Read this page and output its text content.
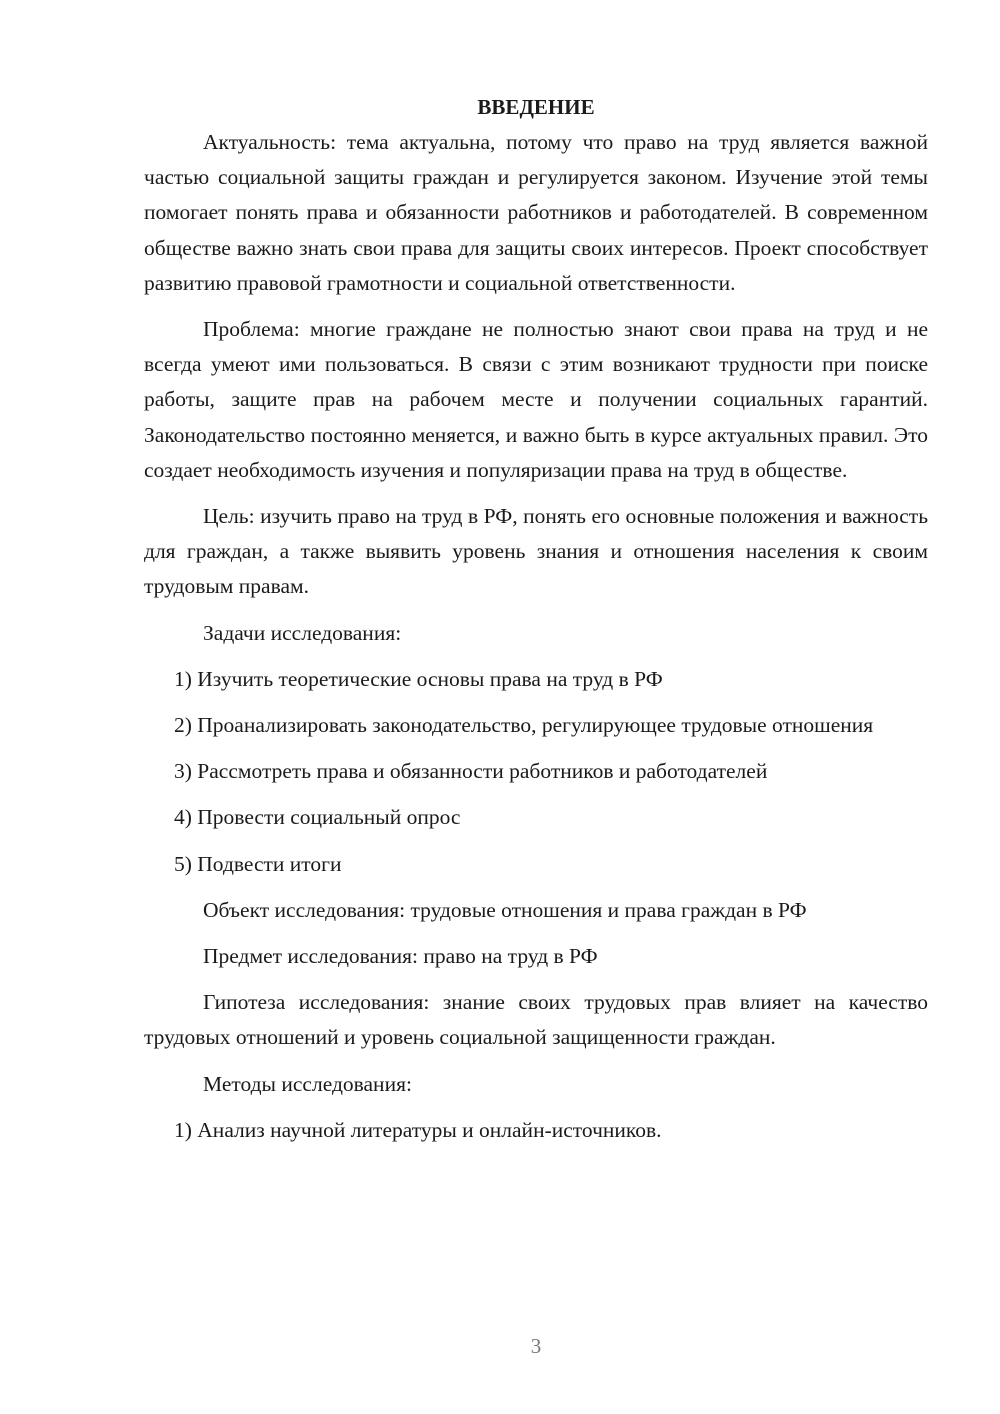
ВВЕДЕНИЕ

Актуальность: тема актуальна, потому что право на труд является важной частью социальной защиты граждан и регулируется законом. Изучение этой темы помогает понять права и обязанности работников и работодателей. В современном обществе важно знать свои права для защиты своих интересов. Проект способствует развитию правовой грамотности и социальной ответственности.

Проблема: многие граждане не полностью знают свои права на труд и не всегда умеют ими пользоваться. В связи с этим возникают трудности при поиске работы, защите прав на рабочем месте и получении социальных гарантий. Законодательство постоянно меняется, и важно быть в курсе актуальных правил. Это создает необходимость изучения и популяризации права на труд в обществе.

Цель: изучить право на труд в РФ, понять его основные положения и важность для граждан, а также выявить уровень знания и отношения населения к своим трудовым правам.

Задачи исследования:

1) Изучить теоретические основы права на труд в РФ

2) Проанализировать законодательство, регулирующее трудовые отношения

3) Рассмотреть права и обязанности работников и работодателей

4) Провести социальный опрос

5) Подвести итоги

Объект исследования: трудовые отношения и права граждан в РФ

Предмет исследования: право на труд в РФ

Гипотеза исследования: знание своих трудовых прав влияет на качество трудовых отношений и уровень социальной защищенности граждан.

Методы исследования:

1) Анализ научной литературы и онлайн-источников.

3
